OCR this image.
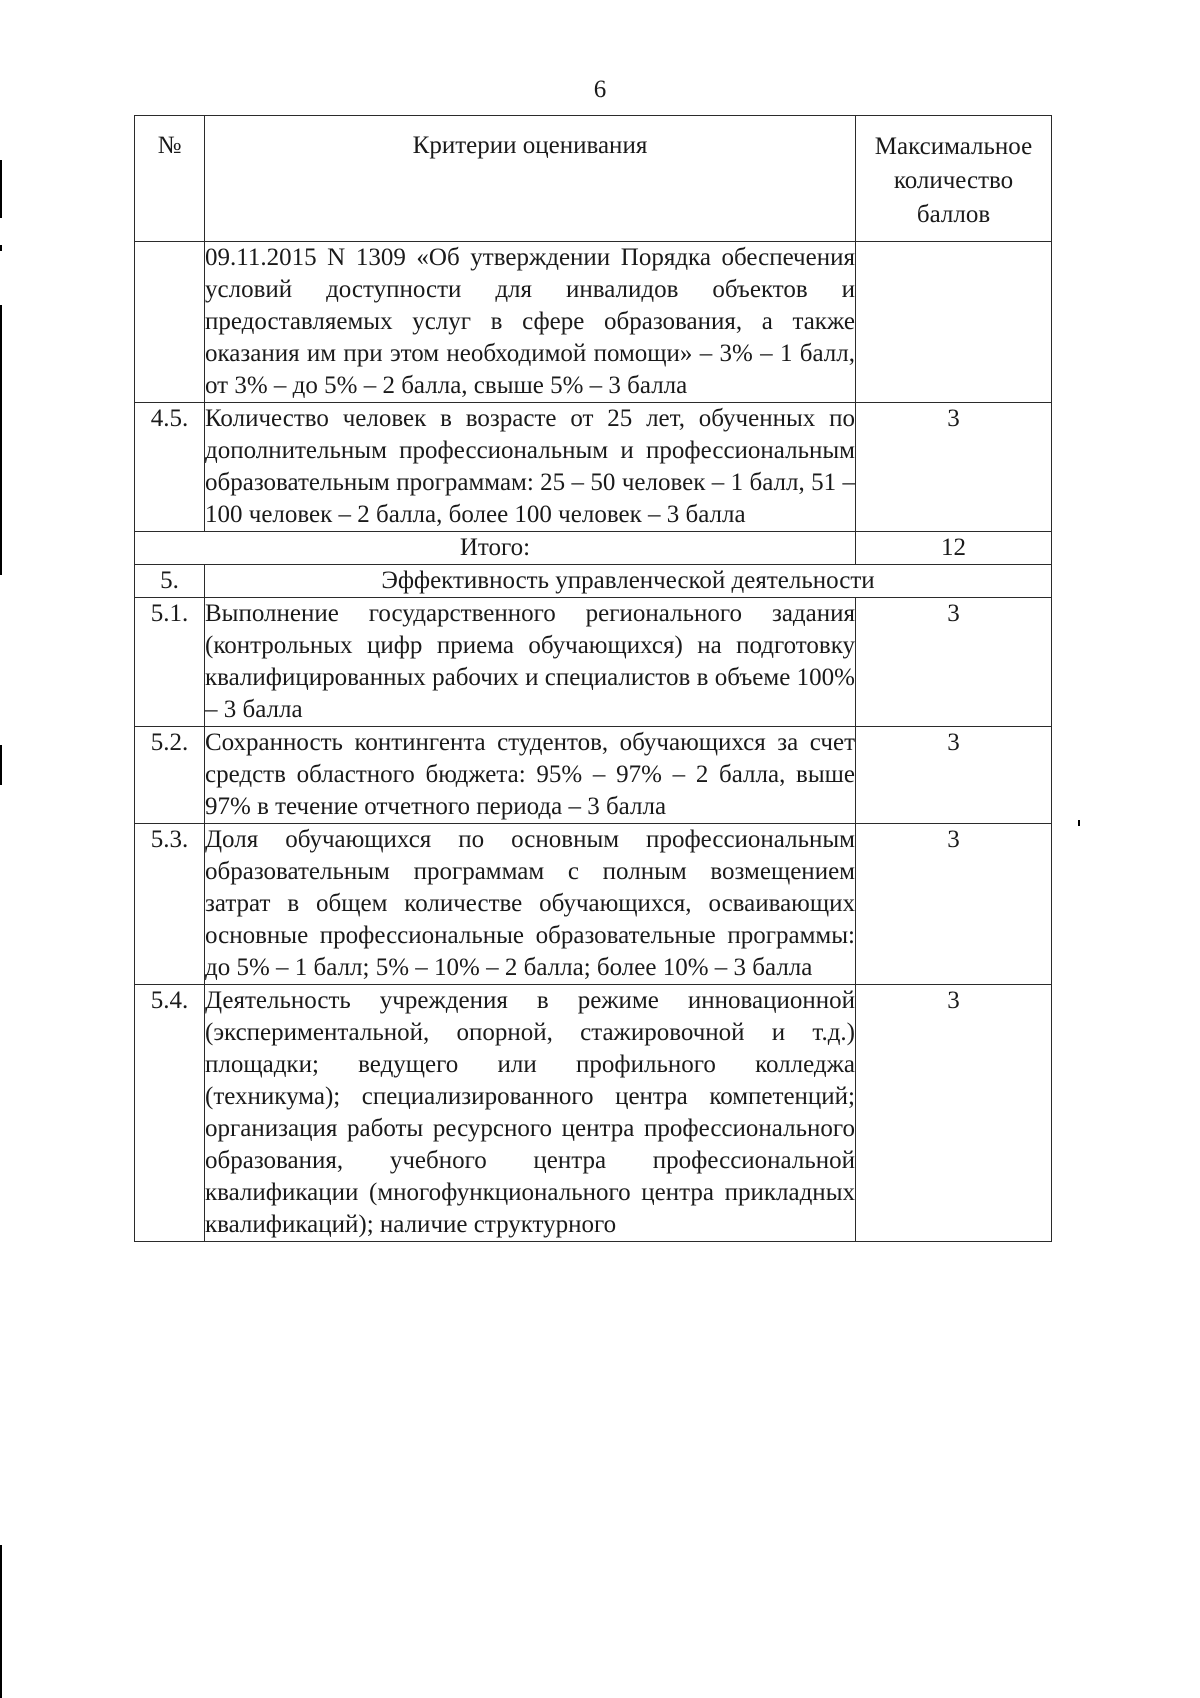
6
№	Критерии оценивания	Максимальное количество баллов
	09.11.2015 N 1309 «Об утверждении Порядка обеспечения условий доступности для инвалидов объектов и предоставляемых услуг в сфере образования, а также оказания им при этом необходимой помощи» – 3% – 1 балл, от 3% – до 5% – 2 балла, свыше 5% – 3 балла	
4.5.	Количество человек в возрасте от 25 лет, обученных по дополнительным профессиональным и профессиональным образовательным программам: 25 – 50 человек – 1 балл, 51 – 100 человек – 2 балла, более 100 человек – 3 балла	3
Итого:		12
5.	Эффективность управленческой деятельности	
5.1.	Выполнение государственного регионального задания (контрольных цифр приема обучающихся) на подготовку квалифицированных рабочих и специалистов в объеме 100% – 3 балла	3
5.2.	Сохранность контингента студентов, обучающихся за счет средств областного бюджета: 95% – 97% – 2 балла, выше 97% в течение отчетного периода – 3 балла	3
5.3.	Доля обучающихся по основным профессиональным образовательным программам с полным возмещением затрат в общем количестве обучающихся, осваивающих основные профессиональные образовательные программы: до 5% – 1 балл; 5% – 10% – 2 балла; более 10% – 3 балла	3
5.4.	Деятельность учреждения в режиме инновационной (экспериментальной, опорной, стажировочной и т.д.) площадки; ведущего или профильного колледжа (техникума); специализированного центра компетенций; организация работы ресурсного центра профессионального образования, учебного центра профессиональной квалификации (многофункционального центра прикладных квалификаций); наличие структурного	3
